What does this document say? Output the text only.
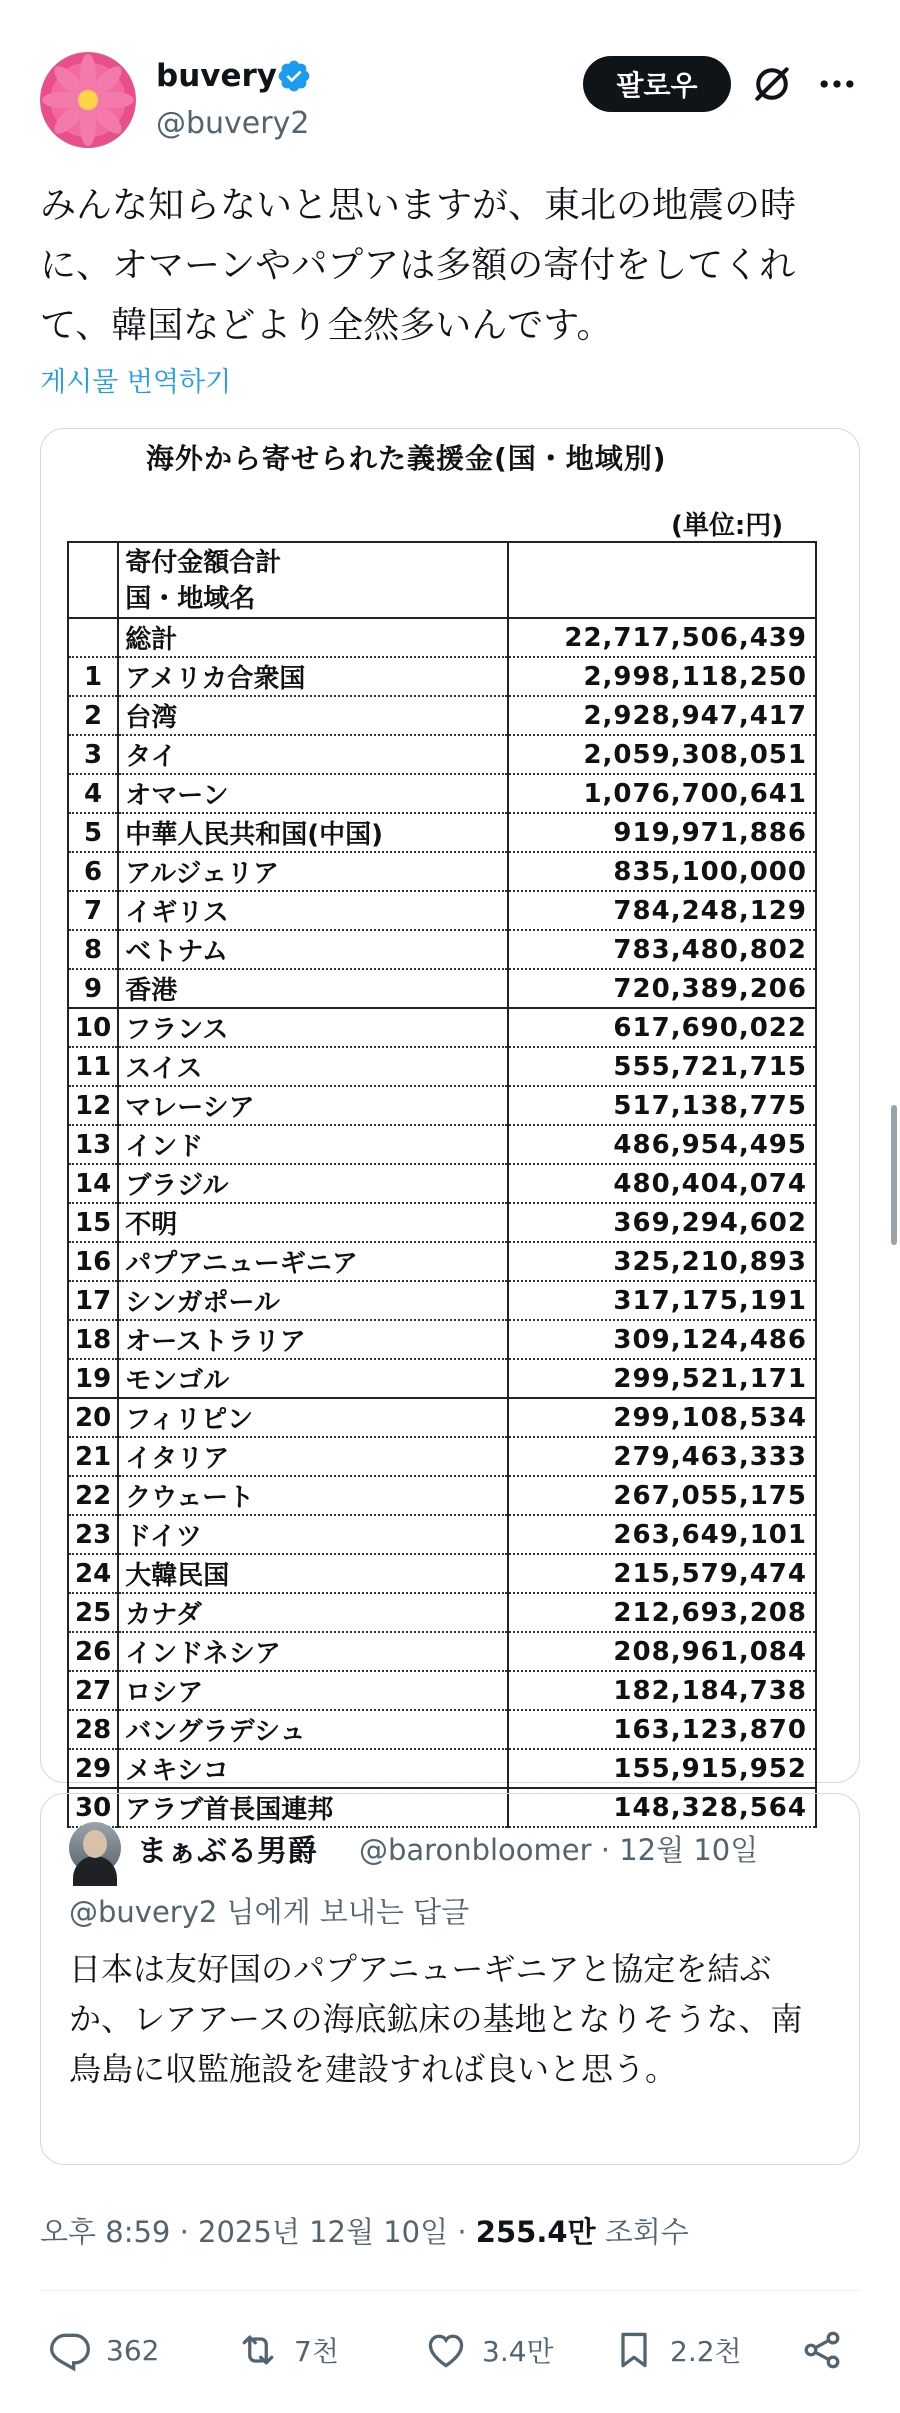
buvery
@buvery2
팔로우
みんな知らないと思いますが、東北の地震の時に、オマーンやパプアは多額の寄付をしてくれて、韓国などより全然多いんです。
게시물 번역하기
海外から寄せられた義援金(国・地域別)
(単位:円)
	寄付金額合計
国・地域名	
	総計	22,717,506,439
1	アメリカ合衆国	2,998,118,250
2	台湾	2,928,947,417
3	タイ	2,059,308,051
4	オマーン	1,076,700,641
5	中華人民共和国(中国)	919,971,886
6	アルジェリア	835,100,000
7	イギリス	784,248,129
8	ベトナム	783,480,802
9	香港	720,389,206
10	フランス	617,690,022
11	スイス	555,721,715
12	マレーシア	517,138,775
13	インド	486,954,495
14	ブラジル	480,404,074
15	不明	369,294,602
16	パプアニューギニア	325,210,893
17	シンガポール	317,175,191
18	オーストラリア	309,124,486
19	モンゴル	299,521,171
20	フィリピン	299,108,534
21	イタリア	279,463,333
22	クウェート	267,055,175
23	ドイツ	263,649,101
24	大韓民国	215,579,474
25	カナダ	212,693,208
26	インドネシア	208,961,084
27	ロシア	182,184,738
28	バングラデシュ	163,123,870
29	メキシコ	155,915,952
30	アラブ首長国連邦	148,328,564
まぁぶる男爵 @baronbloomer · 12월 10일
@buvery2 님에게 보내는 답글
日本は友好国のパプアニューギニアと協定を結ぶか、レアアースの海底鉱床の基地となりそうな、南鳥島に収監施設を建設すれば良いと思う。
오후 8:59 · 2025년 12월 10일 · 255.4만 조회수
362	7천	3.4만	2.2천
